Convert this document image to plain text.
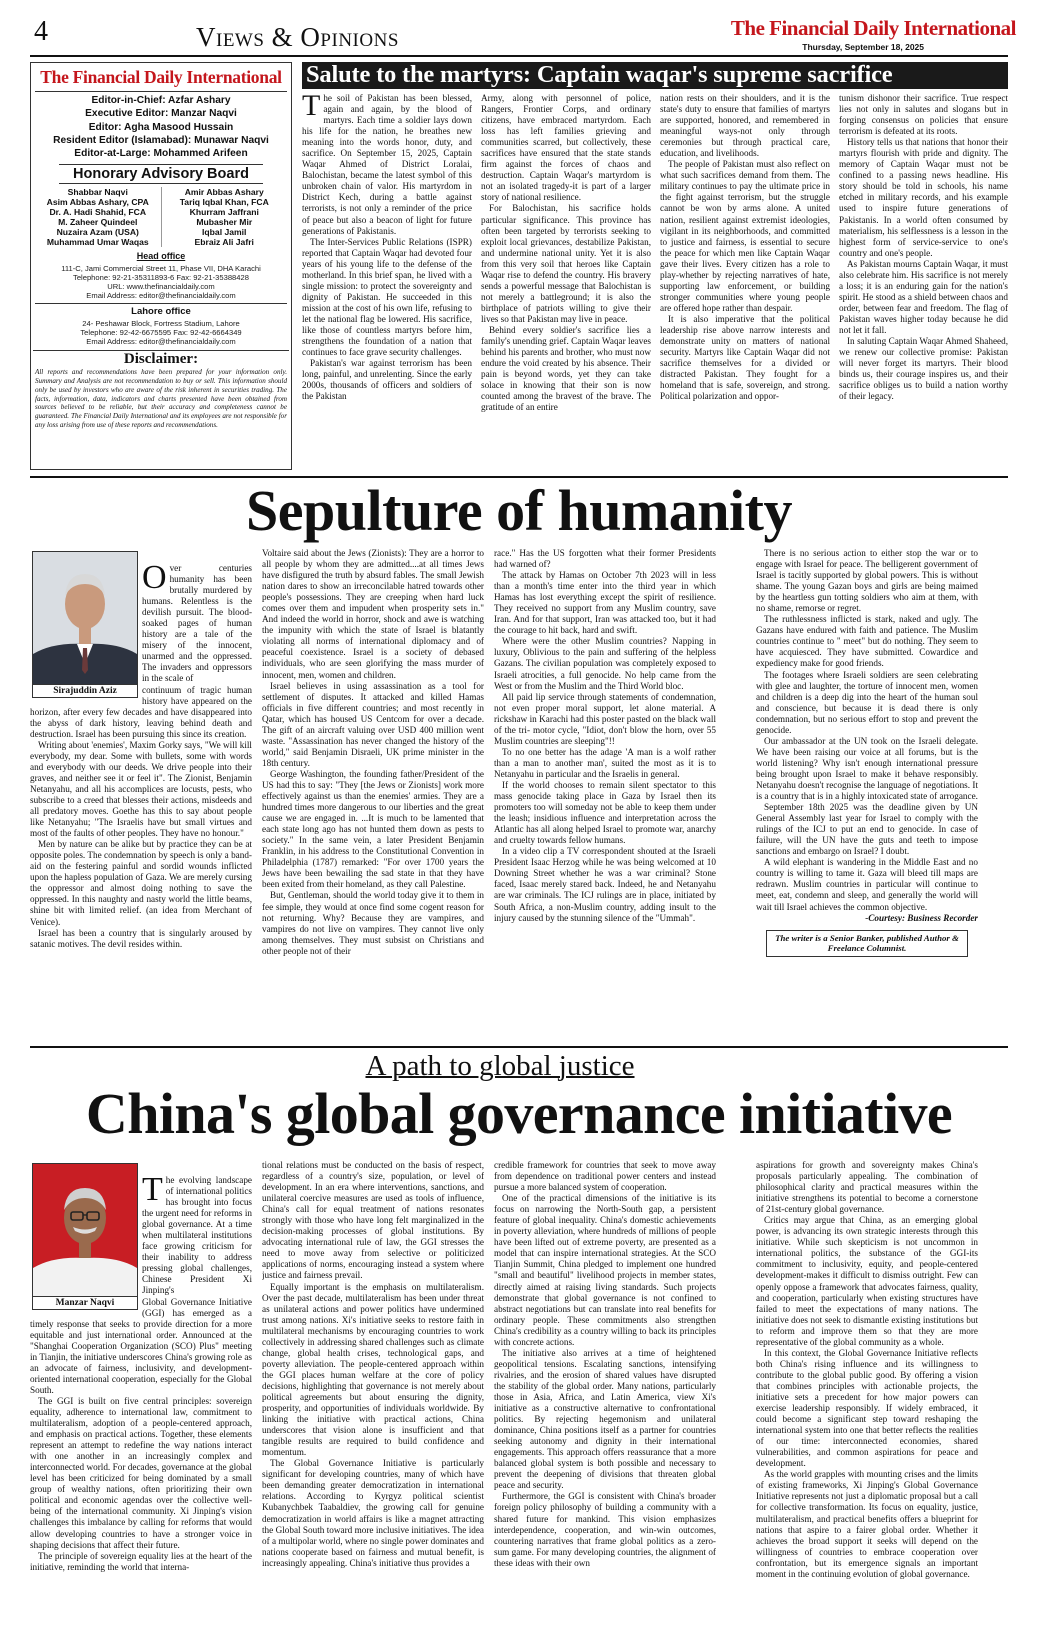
4	Views & Opinions	The Financial Daily International
Thursday, September 18, 2025
The Financial Daily International
Editor-in-Chief: Azfar Ashary
Executive Editor: Manzar Naqvi
Editor: Agha Masood Hussain
Resident Editor (Islamabad): Munawar Naqvi
Editor-at-Large: Mohammed Arifeen
Honorary Advisory Board
Shabbar Naqvi
Asim Abbas Ashary, CPA
Dr. A. Hadi Shahid, FCA
M. Zaheer Quindeel
Nuzaira Azam (USA)
Muhammad Umar Waqas
Amir Abbas Ashary
Tariq Iqbal Khan, FCA
Khurram Jaffrani
Mubasher Mir
Iqbal Jamil
Ebraiz Ali Jafri
Head office
111-C, Jami Commercial Street 11, Phase VII, DHA Karachi
Telephone: 92-21-35311893-6 Fax: 92-21-35388428
URL: www.thefinancialdaily.com
Email Address: editor@thefinancialdaily.com
Lahore office
24- Peshawar Block, Fortress Stadium, Lahore
Telephone: 92-42-6675595 Fax: 92-42-6664349
Email Address: editor@thefinancialdaily.com
Disclaimer:
All reports and recommendations have been prepared for your information only. Summary and Analysis are not recommendation to buy or sell. This information should only be used by investors who are aware of the risk inherent in securities trading. The facts, information, data, indicators and charts presented have been obtained from sources believed to be reliable, but their accuracy and completeness cannot be guaranteed. The Financial Daily International and its employees are not responsible for any loss arising from use of these reports and recommendations.
Salute to the martyrs: Captain waqar's supreme sacrifice

The soil of Pakistan has been blessed, again and again, by the blood of martyrs. Each time a soldier lays down his life for the nation, he breathes new meaning into the words honor, duty, and sacrifice. On September 15, 2025, Captain Waqar Ahmed of District Loralai, Balochistan, became the latest symbol of this unbroken chain of valor. His martyrdom in District Kech, during a battle against terrorists, is not only a reminder of the price of peace but also a beacon of light for future generations of Pakistanis.

The Inter-Services Public Relations (ISPR) reported that Captain Waqar had devoted four years of his young life to the defense of the motherland. In this brief span, he lived with a single mission: to protect the sovereignty and dignity of Pakistan. He succeeded in this mission at the cost of his own life, refusing to let the national flag be lowered. His sacrifice, like those of countless martyrs before him, strengthens the foundation of a nation that continues to face grave security challenges.

Pakistan's war against terrorism has been long, painful, and unrelenting. Since the early 2000s, thousands of officers and soldiers of the Pakistan

Army, along with personnel of police, Rangers, Frontier Corps, and ordinary citizens, have embraced martyrdom. Each loss has left families grieving and communities scarred, but collectively, these sacrifices have ensured that the state stands firm against the forces of chaos and destruction. Captain Waqar's martyrdom is not an isolated tragedy-it is part of a larger story of national resilience.

For Balochistan, his sacrifice holds particular significance. This province has often been targeted by terrorists seeking to exploit local grievances, destabilize Pakistan, and undermine national unity. Yet it is also from this very soil that heroes like Captain Waqar rise to defend the country. His bravery sends a powerful message that Balochistan is not merely a battleground; it is also the birthplace of patriots willing to give their lives so that Pakistan may live in peace.

Behind every soldier's sacrifice lies a family's unending grief. Captain Waqar leaves behind his parents and brother, who must now endure the void created by his absence. Their pain is beyond words, yet they can take solace in knowing that their son is now counted among the bravest of the brave. The gratitude of an entire

nation rests on their shoulders, and it is the state's duty to ensure that families of martyrs are supported, honored, and remembered in meaningful ways-not only through ceremonies but through practical care, education, and livelihoods.

The people of Pakistan must also reflect on what such sacrifices demand from them. The military continues to pay the ultimate price in the fight against terrorism, but the struggle cannot be won by arms alone. A united nation, resilient against extremist ideologies, vigilant in its neighborhoods, and committed to justice and fairness, is essential to secure the peace for which men like Captain Waqar gave their lives. Every citizen has a role to play-whether by rejecting narratives of hate, supporting law enforcement, or building stronger communities where young people are offered hope rather than despair.

It is also imperative that the political leadership rise above narrow interests and demonstrate unity on matters of national security. Martyrs like Captain Waqar did not sacrifice themselves for a divided or distracted Pakistan. They fought for a homeland that is safe, sovereign, and strong. Political polarization and oppor-

tunism dishonor their sacrifice. True respect lies not only in salutes and slogans but in forging consensus on policies that ensure terrorism is defeated at its roots.

History tells us that nations that honor their martyrs flourish with pride and dignity. The memory of Captain Waqar must not be confined to a passing news headline. His story should be told in schools, his name etched in military records, and his example used to inspire future generations of Pakistanis. In a world often consumed by materialism, his selflessness is a lesson in the highest form of service-service to one's country and one's people.

As Pakistan mourns Captain Waqar, it must also celebrate him. His sacrifice is not merely a loss; it is an enduring gain for the nation's spirit. He stood as a shield between chaos and order, between fear and freedom. The flag of Pakistan waves higher today because he did not let it fall.

In saluting Captain Waqar Ahmed Shaheed, we renew our collective promise: Pakistan will never forget its martyrs. Their blood binds us, their courage inspires us, and their sacrifice obliges us to build a nation worthy of their legacy.

Sepulture of humanity
Sirajuddin Aziz

Over centuries humanity has been brutally murdered by humans. Relentless is the devilish pursuit. The blood-soaked pages of human history are a tale of the misery of the innocent, unarmed and the oppressed. The invaders and oppressors in the scale of

continuum of tragic human history have appeared on the horizon, after every few decades and have disappeared into the abyss of dark history, leaving behind death and destruction. Israel has been pursuing this since its creation.

Writing about 'enemies', Maxim Gorky says, "We will kill everybody, my dear. Some with bullets, some with words and everybody with our deeds. We drive people into their graves, and neither see it or feel it". The Zionist, Benjamin Netanyahu, and all his accomplices are locusts, pests, who subscribe to a creed that blesses their actions, misdeeds and all predatory moves. Goethe has this to say about people like Netanyahu; "The Israelis have but small virtues and most of the faults of other peoples. They have no honour."

Men by nature can be alike but by practice they can be at opposite poles. The condemnation by speech is only a band-aid on the festering painful and sordid wounds inflicted upon the hapless population of Gaza. We are merely cursing the oppressor and almost doing nothing to save the oppressed. In this naughty and nasty world the little beams, shine bit with limited relief. (an idea from Merchant of Venice).

Israel has been a country that is singularly aroused by satanic motives. The devil resides within.

Voltaire said about the Jews (Zionists): They are a horror to all people by whom they are admitted....at all times Jews have disfigured the truth by absurd fables. The small Jewish nation dares to show an irreconcilable hatred towards other people's possessions. They are creeping when hard luck comes over them and impudent when prosperity sets in." And indeed the world in horror, shock and awe is watching the impunity with which the state of Israel is blatantly violating all norms of international diplomacy and of peaceful coexistence. Israel is a society of debased individuals, who are seen glorifying the mass murder of innocent, men, women and children.

Israel believes in using assassination as a tool for settlement of disputes. It attacked and killed Hamas officials in five different countries; and most recently in Qatar, which has housed US Centcom for over a decade. The gift of an aircraft valuing over USD 400 million went waste. "Assassination has never changed the history of the world," said Benjamin Disraeli, UK prime minister in the 18th century.

George Washington, the founding father/President of the US had this to say: "They [the Jews or Zionists] work more effectively against us than the enemies' armies. They are a hundred times more dangerous to our liberties and the great cause we are engaged in. ...It is much to be lamented that each state long ago has not hunted them down as pests to society." In the same vein, a later President Benjamin Franklin, in his address to the Constitutional Convention in Philadelphia (1787) remarked: "For over 1700 years the Jews have been bewailing the sad state in that they have been exited from their homeland, as they call Palestine.

But, Gentleman, should the world today give it to them in fee simple, they would at once find some cogent reason for not returning. Why? Because they are vampires, and vampires do not live on vampires. They cannot live only among themselves. They must subsist on Christians and other people not of their

race." Has the US forgotten what their former Presidents had warned of?

The attack by Hamas on October 7th 2023 will in less than a month's time enter into the third year in which Hamas has lost everything except the spirit of resilience. They received no support from any Muslim country, save Iran. And for that support, Iran was attacked too, but it had the courage to hit back, hard and swift.

Where were the other Muslim countries? Napping in luxury, Oblivious to the pain and suffering of the helpless Gazans. The civilian population was completely exposed to Israeli atrocities, a full genocide. No help came from the West or from the Muslim and the Third World bloc.

All paid lip service through statements of condemnation, not even proper moral support, let alone material. A rickshaw in Karachi had this poster pasted on the black wall of the tri- motor cycle, "Idiot, don't blow the horn, over 55 Muslim countries are sleeping"!!

To no one better has the adage 'A man is a wolf rather than a man to another man', suited the most as it is to Netanyahu in particular and the Israelis in general.

If the world chooses to remain silent spectator to this mass genocide taking place in Gaza by Israel then its promoters too will someday not be able to keep them under the leash; insidious influence and interpretation across the Atlantic has all along helped Israel to promote war, anarchy and cruelty towards fellow humans.

In a video clip a TV correspondent shouted at the Israeli President Isaac Herzog while he was being welcomed at 10 Downing Street whether he was a war criminal? Stone faced, Isaac merely stared back. Indeed, he and Netanyahu are war criminals. The ICJ rulings are in place, initiated by South Africa, a non-Muslim country, adding insult to the injury caused by the stunning silence of the "Ummah".

There is no serious action to either stop the war or to engage with Israel for peace. The belligerent government of Israel is tacitly supported by global powers. This is without shame. The young Gazan boys and girls are being maimed by the heartless gun totting soldiers who aim at them, with no shame, remorse or regret.

The ruthlessness inflicted is stark, naked and ugly. The Gazans have endured with faith and patience. The Muslim countries continue to " meet" but do nothing. They seem to have acquiesced. They have submitted. Cowardice and expediency make for good friends.

The footages where Israeli soldiers are seen celebrating with glee and laughter, the torture of innocent men, women and children is a deep dig into the heart of the human soul and conscience, but because it is dead there is only condemnation, but no serious effort to stop and prevent the genocide.

Our ambassador at the UN took on the Israeli delegate. We have been raising our voice at all forums, but is the world listening? Why isn't enough international pressure being brought upon Israel to make it behave responsibly. Netanyahu doesn't recognise the language of negotiations. It is a country that is in a highly intoxicated state of arrogance.

September 18th 2025 was the deadline given by UN General Assembly last year for Israel to comply with the rulings of the ICJ to put an end to genocide. In case of failure, will the UN have the guts and teeth to impose sanctions and embargo on Israel? I doubt.

A wild elephant is wandering in the Middle East and no country is willing to tame it. Gaza will bleed till maps are redrawn. Muslim countries in particular will continue to meet, eat, condemn and sleep, and generally the world will wait till Israel achieves the common objective.

-Courtesy: Business Recorder
The writer is a Senior Banker, published Author & Freelance Columnist.
A path to global justice
China's global governance initiative
Manzar Naqvi

The evolving landscape of international politics has brought into focus the urgent need for reforms in global governance. At a time when multilateral institutions face growing criticism for their inability to address pressing global challenges, Chinese President Xi Jinping's

Global Governance Initiative (GGI) has emerged as a timely response that seeks to provide direction for a more equitable and just international order. Announced at the "Shanghai Cooperation Organization (SCO) Plus" meeting in Tianjin, the initiative underscores China's growing role as an advocate of fairness, inclusivity, and development-oriented international cooperation, especially for the Global South.

The GGI is built on five central principles: sovereign equality, adherence to international law, commitment to multilateralism, adoption of a people-centered approach, and emphasis on practical actions. Together, these elements represent an attempt to redefine the way nations interact with one another in an increasingly complex and interconnected world. For decades, governance at the global level has been criticized for being dominated by a small group of wealthy nations, often prioritizing their own political and economic agendas over the collective well-being of the international community. Xi Jinping's vision challenges this imbalance by calling for reforms that would allow developing countries to have a stronger voice in shaping decisions that affect their future.

The principle of sovereign equality lies at the heart of the initiative, reminding the world that interna-

tional relations must be conducted on the basis of respect, regardless of a country's size, population, or level of development. In an era where interventions, sanctions, and unilateral coercive measures are used as tools of influence, China's call for equal treatment of nations resonates strongly with those who have long felt marginalized in the decision-making processes of global institutions. By advocating international rule of law, the GGI stresses the need to move away from selective or politicized applications of norms, encouraging instead a system where justice and fairness prevail.

Equally important is the emphasis on multilateralism. Over the past decade, multilateralism has been under threat as unilateral actions and power politics have undermined trust among nations. Xi's initiative seeks to restore faith in multilateral mechanisms by encouraging countries to work collectively in addressing shared challenges such as climate change, global health crises, technological gaps, and poverty alleviation. The people-centered approach within the GGI places human welfare at the core of policy decisions, highlighting that governance is not merely about political agreements but about ensuring the dignity, prosperity, and opportunities of individuals worldwide. By linking the initiative with practical actions, China underscores that vision alone is insufficient and that tangible results are required to build confidence and momentum.

The Global Governance Initiative is particularly significant for developing countries, many of which have been demanding greater democratization in international relations. According to Kyrgyz political scientist Kubanychbek Taabaldiev, the growing call for genuine democratization in world affairs is like a magnet attracting the Global South toward more inclusive initiatives. The idea of a multipolar world, where no single power dominates and nations cooperate based on fairness and mutual benefit, is increasingly appealing. China's initiative thus provides a

credible framework for countries that seek to move away from dependence on traditional power centers and instead pursue a more balanced system of cooperation.

One of the practical dimensions of the initiative is its focus on narrowing the North-South gap, a persistent feature of global inequality. China's domestic achievements in poverty alleviation, where hundreds of millions of people have been lifted out of extreme poverty, are presented as a model that can inspire international strategies. At the SCO Tianjin Summit, China pledged to implement one hundred "small and beautiful" livelihood projects in member states, directly aimed at raising living standards. Such projects demonstrate that global governance is not confined to abstract negotiations but can translate into real benefits for ordinary people. These commitments also strengthen China's credibility as a country willing to back its principles with concrete actions.

The initiative also arrives at a time of heightened geopolitical tensions. Escalating sanctions, intensifying rivalries, and the erosion of shared values have disrupted the stability of the global order. Many nations, particularly those in Asia, Africa, and Latin America, view Xi's initiative as a constructive alternative to confrontational politics. By rejecting hegemonism and unilateral dominance, China positions itself as a partner for countries seeking autonomy and dignity in their international engagements. This approach offers reassurance that a more balanced global system is both possible and necessary to prevent the deepening of divisions that threaten global peace and security.

Furthermore, the GGI is consistent with China's broader foreign policy philosophy of building a community with a shared future for mankind. This vision emphasizes interdependence, cooperation, and win-win outcomes, countering narratives that frame global politics as a zero-sum game. For many developing countries, the alignment of these ideas with their own

aspirations for growth and sovereignty makes China's proposals particularly appealing. The combination of philosophical clarity and practical measures within the initiative strengthens its potential to become a cornerstone of 21st-century global governance.

Critics may argue that China, as an emerging global power, is advancing its own strategic interests through this initiative. While such skepticism is not uncommon in international politics, the substance of the GGI-its commitment to inclusivity, equity, and people-centered development-makes it difficult to dismiss outright. Few can openly oppose a framework that advocates fairness, quality, and cooperation, particularly when existing structures have failed to meet the expectations of many nations. The initiative does not seek to dismantle existing institutions but to reform and improve them so that they are more representative of the global community as a whole.

In this context, the Global Governance Initiative reflects both China's rising influence and its willingness to contribute to the global public good. By offering a vision that combines principles with actionable projects, the initiative sets a precedent for how major powers can exercise leadership responsibly. If widely embraced, it could become a significant step toward reshaping the international system into one that better reflects the realities of our time: interconnected economies, shared vulnerabilities, and common aspirations for peace and development.

As the world grapples with mounting crises and the limits of existing frameworks, Xi Jinping's Global Governance Initiative represents not just a diplomatic proposal but a call for collective transformation. Its focus on equality, justice, multilateralism, and practical benefits offers a blueprint for nations that aspire to a fairer global order. Whether it achieves the broad support it seeks will depend on the willingness of countries to embrace cooperation over confrontation, but its emergence signals an important moment in the continuing evolution of global governance.
